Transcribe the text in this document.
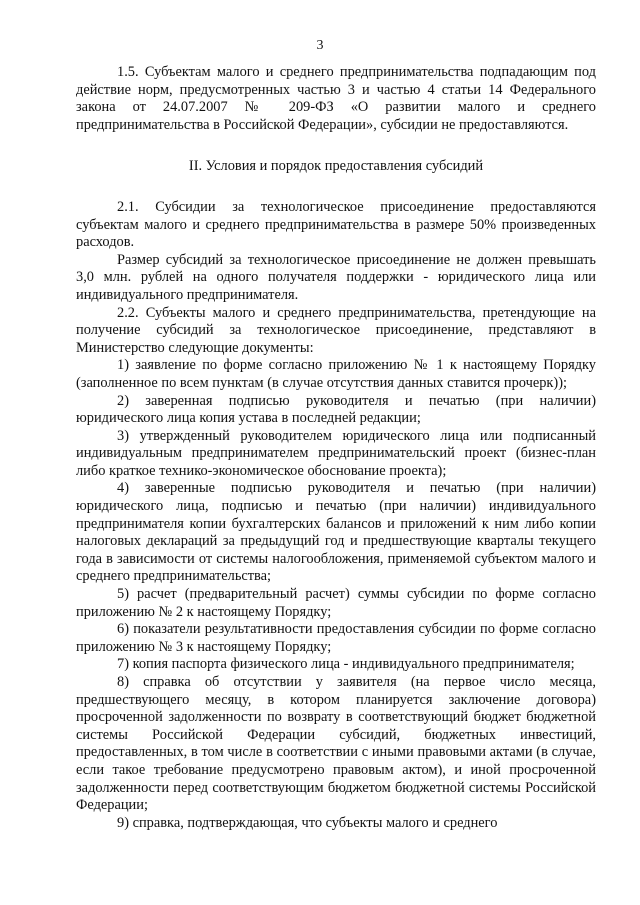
3

1.5. Субъектам малого и среднего предпринимательства подпадающим под действие норм, предусмотренных частью 3 и частью 4 статьи 14 Федерального закона от 24.07.2007 № 209-ФЗ «О развитии малого и среднего предпринимательства в Российской Федерации», субсидии не предоставляются.

II. Условия и порядок предоставления субсидий

2.1. Субсидии за технологическое присоединение предоставляются субъектам малого и среднего предпринимательства в размере 50% произведенных расходов.

Размер субсидий за технологическое присоединение не должен превышать 3,0 млн. рублей на одного получателя поддержки - юридического лица или индивидуального предпринимателя.

2.2. Субъекты малого и среднего предпринимательства, претендующие на получение субсидий за технологическое присоединение, представляют в Министерство следующие документы:

1) заявление по форме согласно приложению № 1 к настоящему Порядку (заполненное по всем пунктам (в случае отсутствия данных ставится прочерк));

2) заверенная подписью руководителя и печатью (при наличии) юридического лица копия устава в последней редакции;

3) утвержденный руководителем юридического лица или подписанный индивидуальным предпринимателем предпринимательский проект (бизнес-план либо краткое технико-экономическое обоснование проекта);

4) заверенные подписью руководителя и печатью (при наличии) юридического лица, подписью и печатью (при наличии) индивидуального предпринимателя копии бухгалтерских балансов и приложений к ним либо копии налоговых деклараций за предыдущий год и предшествующие кварталы текущего года в зависимости от системы налогообложения, применяемой субъектом малого и среднего предпринимательства;

5) расчет (предварительный расчет) суммы субсидии по форме согласно приложению № 2 к настоящему Порядку;

6) показатели результативности предоставления субсидии по форме согласно приложению № 3 к настоящему Порядку;

7) копия паспорта физического лица - индивидуального предпринимателя;

8) справка об отсутствии у заявителя (на первое число месяца, предшествующего месяцу, в котором планируется заключение договора) просроченной задолженности по возврату в соответствующий бюджет бюджетной системы Российской Федерации субсидий, бюджетных инвестиций, предоставленных, в том числе в соответствии с иными правовыми актами (в случае, если такое требование предусмотрено правовым актом), и иной просроченной задолженности перед соответствующим бюджетом бюджетной системы Российской Федерации;

9) справка, подтверждающая, что субъекты малого и среднего
